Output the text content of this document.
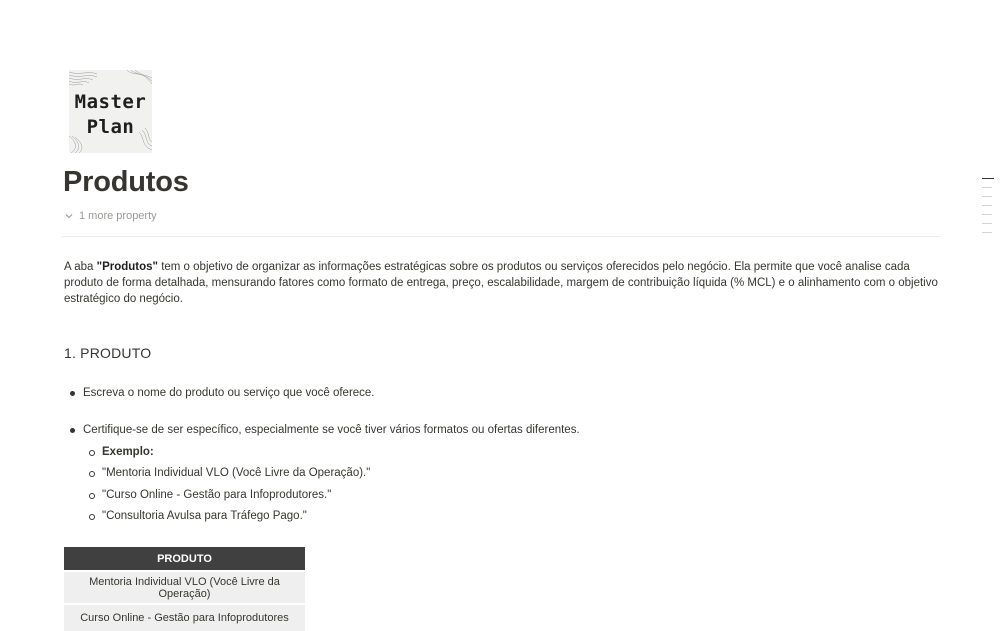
Master
Plan
Produtos
1 more property

A aba "Produtos" tem o objetivo de organizar as informações estratégicas sobre os produtos ou serviços oferecidos pelo negócio. Ela permite que você analise cada produto de forma detalhada, mensurando fatores como formato de entrega, preço, escalabilidade, margem de contribuição líquida (% MCL) e o alinhamento com o objetivo estratégico do negócio.

1. PRODUTO
Escreva o nome do produto ou serviço que você oferece.
Certifique-se de ser específico, especialmente se você tiver vários formatos ou ofertas diferentes.
Exemplo:
"Mentoria Individual VLO (Você Livre da Operação)."
"Curso Online - Gestão para Infoprodutores."
"Consultoria Avulsa para Tráfego Pago."
PRODUTO
Mentoria Individual VLO (Você Livre da Operação)
Curso Online - Gestão para Infoprodutores
